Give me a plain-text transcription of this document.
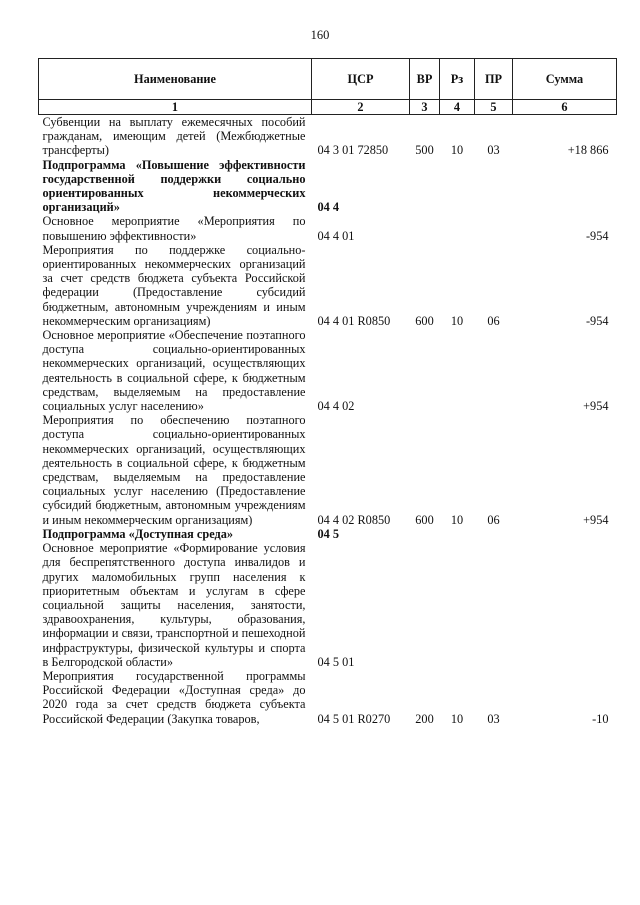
160
Наименование	ЦСР	ВР	Рз	ПР	Сумма
1	2	3	4	5	6
Субвенции на выплату ежемесячных пособий гражданам, имеющим детей (Межбюджетные трансферты)	04 3 01 72850	500	10	03	+18 866
Подпрограмма «Повышение эффективности государственной поддержки социально ориентированных некоммерческих организаций»	04 4				
Основное мероприятие «Мероприятия по повышению эффективности»	04 4 01				-954
Мероприятия по поддержке социально-ориентированных некоммерческих организаций за счет средств бюджета субъекта Российской федерации (Предоставление субсидий бюджетным, автономным учреждениям и иным некоммерческим организациям)	04 4 01 R0850	600	10	06	-954
Основное мероприятие «Обеспечение поэтапного доступа социально-ориентированных некоммерческих организаций, осуществляющих деятельность в социальной сфере, к бюджетным средствам, выделяемым на предоставление социальных услуг населению»	04 4 02				+954
Мероприятия по обеспечению поэтапного доступа социально-ориентированных некоммерческих организаций, осуществляющих деятельность в социальной сфере, к бюджетным средствам, выделяемым на предоставление социальных услуг населению (Предоставление субсидий бюджетным, автономным учреждениям и иным некоммерческим организациям)	04 4 02 R0850	600	10	06	+954
Подпрограмма «Доступная среда»	04 5				
Основное мероприятие «Формирование условия для беспрепятственного доступа инвалидов и других маломобильных групп населения к приоритетным объектам и услугам в сфере социальной защиты населения, занятости, здравоохранения, культуры, образования, информации и связи, транспортной и пешеходной инфраструктуры, физической культуры и спорта в Белгородской области»	04 5 01				
Мероприятия государственной программы Российской Федерации «Доступная среда» до 2020 года за счет средств бюджета субъекта Российской Федерации (Закупка товаров,	04 5 01 R0270	200	10	03	-10
